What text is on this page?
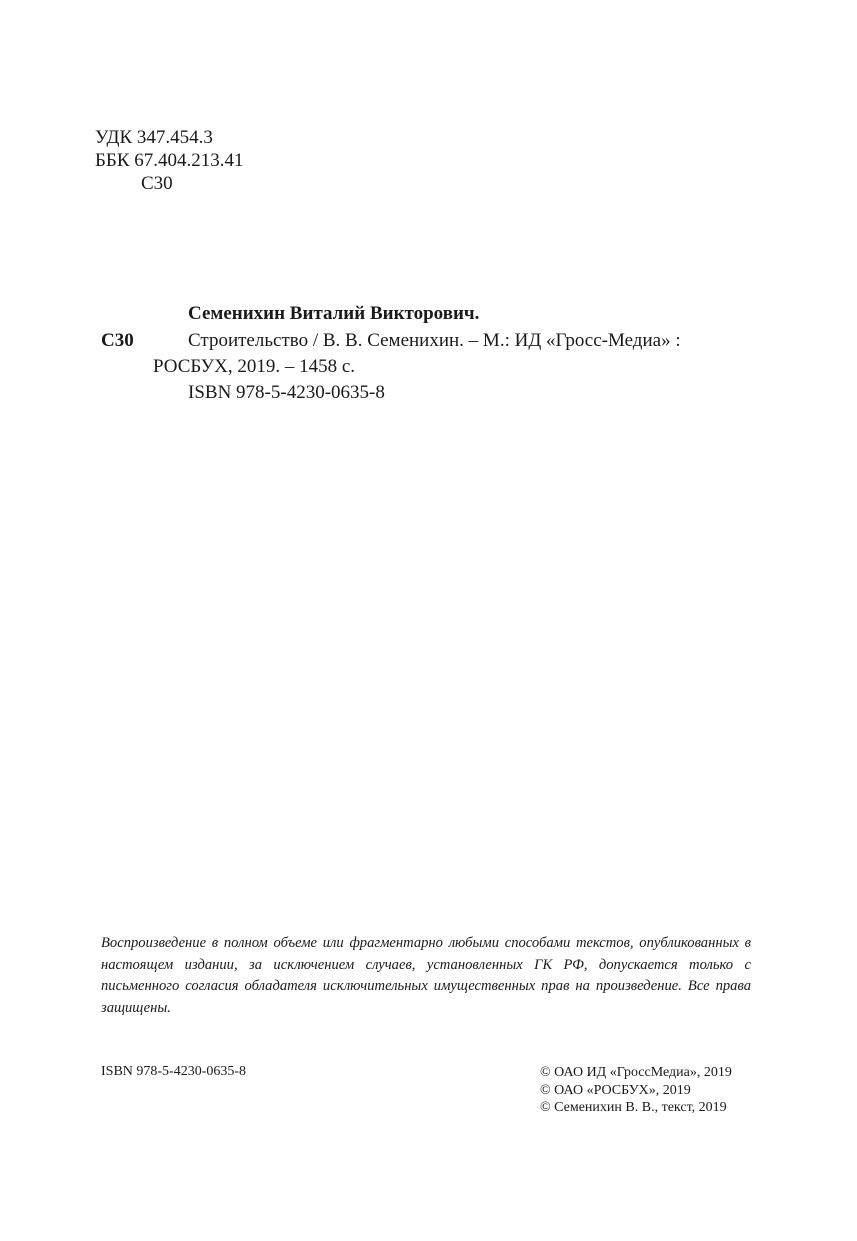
УДК 347.454.3
ББК 67.404.213.41
С30
Семенихин Виталий Викторович.
С30	Строительство / В. В. Семенихин. – М.: ИД «Гросс-Медиа» :
РОСБУХ, 2019. – 1458 с.
ISBN 978-5-4230-0635-8
Воспроизведение в полном объеме или фрагментарно любыми способами текстов, опубликованных в настоящем издании, за исключением случаев, установленных ГК РФ, допускается только с письменного согласия обладателя исключительных имущественных прав на произведение. Все права защищены.
ISBN 978-5-4230-0635-8	© ОАО ИД «ГроссМедиа», 2019
© ОАО «РОСБУХ», 2019
© Семенихин В. В., текст, 2019
